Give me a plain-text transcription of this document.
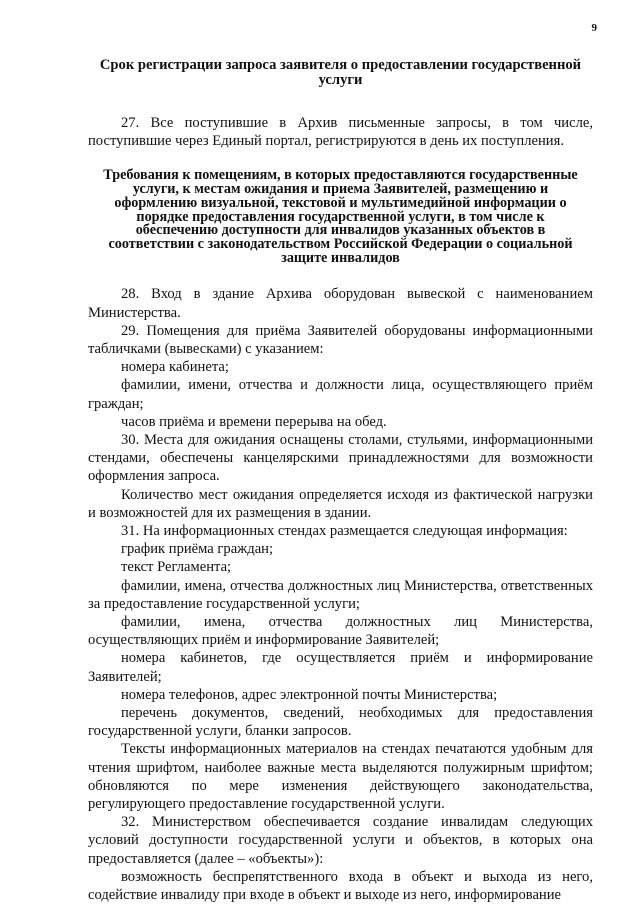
9
Срок регистрации запроса заявителя о предоставлении государственной услуги

27. Все поступившие в Архив письменные запросы, в том числе, поступившие через Единый портал, регистрируются в день их поступления.

Требования к помещениям, в которых предоставляются государственные услуги, к местам ожидания и приема Заявителей, размещению и оформлению визуальной, текстовой и мультимедийной информации о порядке предоставления государственной услуги, в том числе к обеспечению доступности для инвалидов указанных объектов в соответствии с законодательством Российской Федерации о социальной защите инвалидов

28. Вход в здание Архива оборудован вывеской с наименованием Министерства.

29. Помещения для приёма Заявителей оборудованы информационными табличками (вывесками) с указанием:

номера кабинета;

фамилии, имени, отчества и должности лица, осуществляющего приём граждан;

часов приёма и времени перерыва на обед.

30. Места для ожидания оснащены столами, стульями, информационными стендами, обеспечены канцелярскими принадлежностями для возможности оформления запроса.

Количество мест ожидания определяется исходя из фактической нагрузки и возможностей для их размещения в здании.

31. На информационных стендах размещается следующая информация:

график приёма граждан;

текст Регламента;

фамилии, имена, отчества должностных лиц Министерства, ответственных за предоставление государственной услуги;

фамилии, имена, отчества должностных лиц Министерства, осуществляющих приём и информирование Заявителей;

номера кабинетов, где осуществляется приём и информирование Заявителей;

номера телефонов, адрес электронной почты Министерства;

перечень документов, сведений, необходимых для предоставления государственной услуги, бланки запросов.

Тексты информационных материалов на стендах печатаются удобным для чтения шрифтом, наиболее важные места выделяются полужирным шрифтом; обновляются по мере изменения действующего законодательства, регулирующего предоставление государственной услуги.

32. Министерством обеспечивается создание инвалидам следующих условий доступности государственной услуги и объектов, в которых она предоставляется (далее – «объекты»):

возможность беспрепятственного входа в объект и выхода из него, содействие инвалиду при входе в объект и выходе из него, информирование
